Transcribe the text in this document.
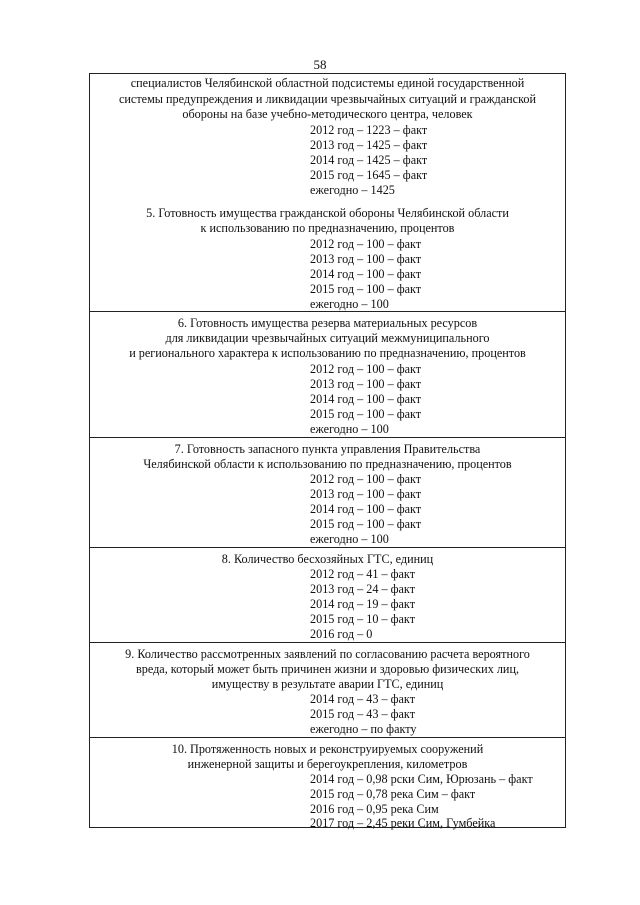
58
специалистов Челябинской областной подсистемы единой государственной
системы предупреждения и ликвидации чрезвычайных ситуаций и гражданской
обороны на базе учебно-методического центра, человек
2012 год – 1223 – факт
2013 год – 1425 – факт
2014 год – 1425 – факт
2015 год – 1645 – факт
ежегодно – 1425
5. Готовность имущества гражданской обороны Челябинской области
к использованию по предназначению, процентов
2012 год – 100 – факт
2013 год – 100 – факт
2014 год – 100 – факт
2015 год – 100 – факт
ежегодно – 100
6. Готовность имущества резерва материальных ресурсов
для ликвидации чрезвычайных ситуаций межмуниципального
и регионального характера к использованию по предназначению, процентов
2012 год – 100 – факт
2013 год – 100 – факт
2014 год – 100 – факт
2015 год – 100 – факт
ежегодно – 100
7. Готовность запасного пункта управления Правительства
Челябинской области к использованию по предназначению, процентов
2012 год – 100 – факт
2013 год – 100 – факт
2014 год – 100 – факт
2015 год – 100 – факт
ежегодно – 100
8. Количество бесхозяйных ГТС, единиц
2012 год – 41 – факт
2013 год – 24 – факт
2014 год – 19 – факт
2015 год – 10 – факт
2016 год – 0
9. Количество рассмотренных заявлений по согласованию расчета вероятного
вреда, который может быть причинен жизни и здоровью физических лиц,
имуществу в результате аварии ГТС, единиц
2014 год – 43 – факт
2015 год – 43 – факт
ежегодно – по факту
10. Протяженность новых и реконструируемых сооружений
инженерной защиты и берегоукрепления, километров
2014 год – 0,98 рски Сим, Юрюзань – факт
2015 год – 0,78 река Сим – факт
2016 год – 0,95 река Сим
2017 год – 2,45 реки Сим, Гумбейка
